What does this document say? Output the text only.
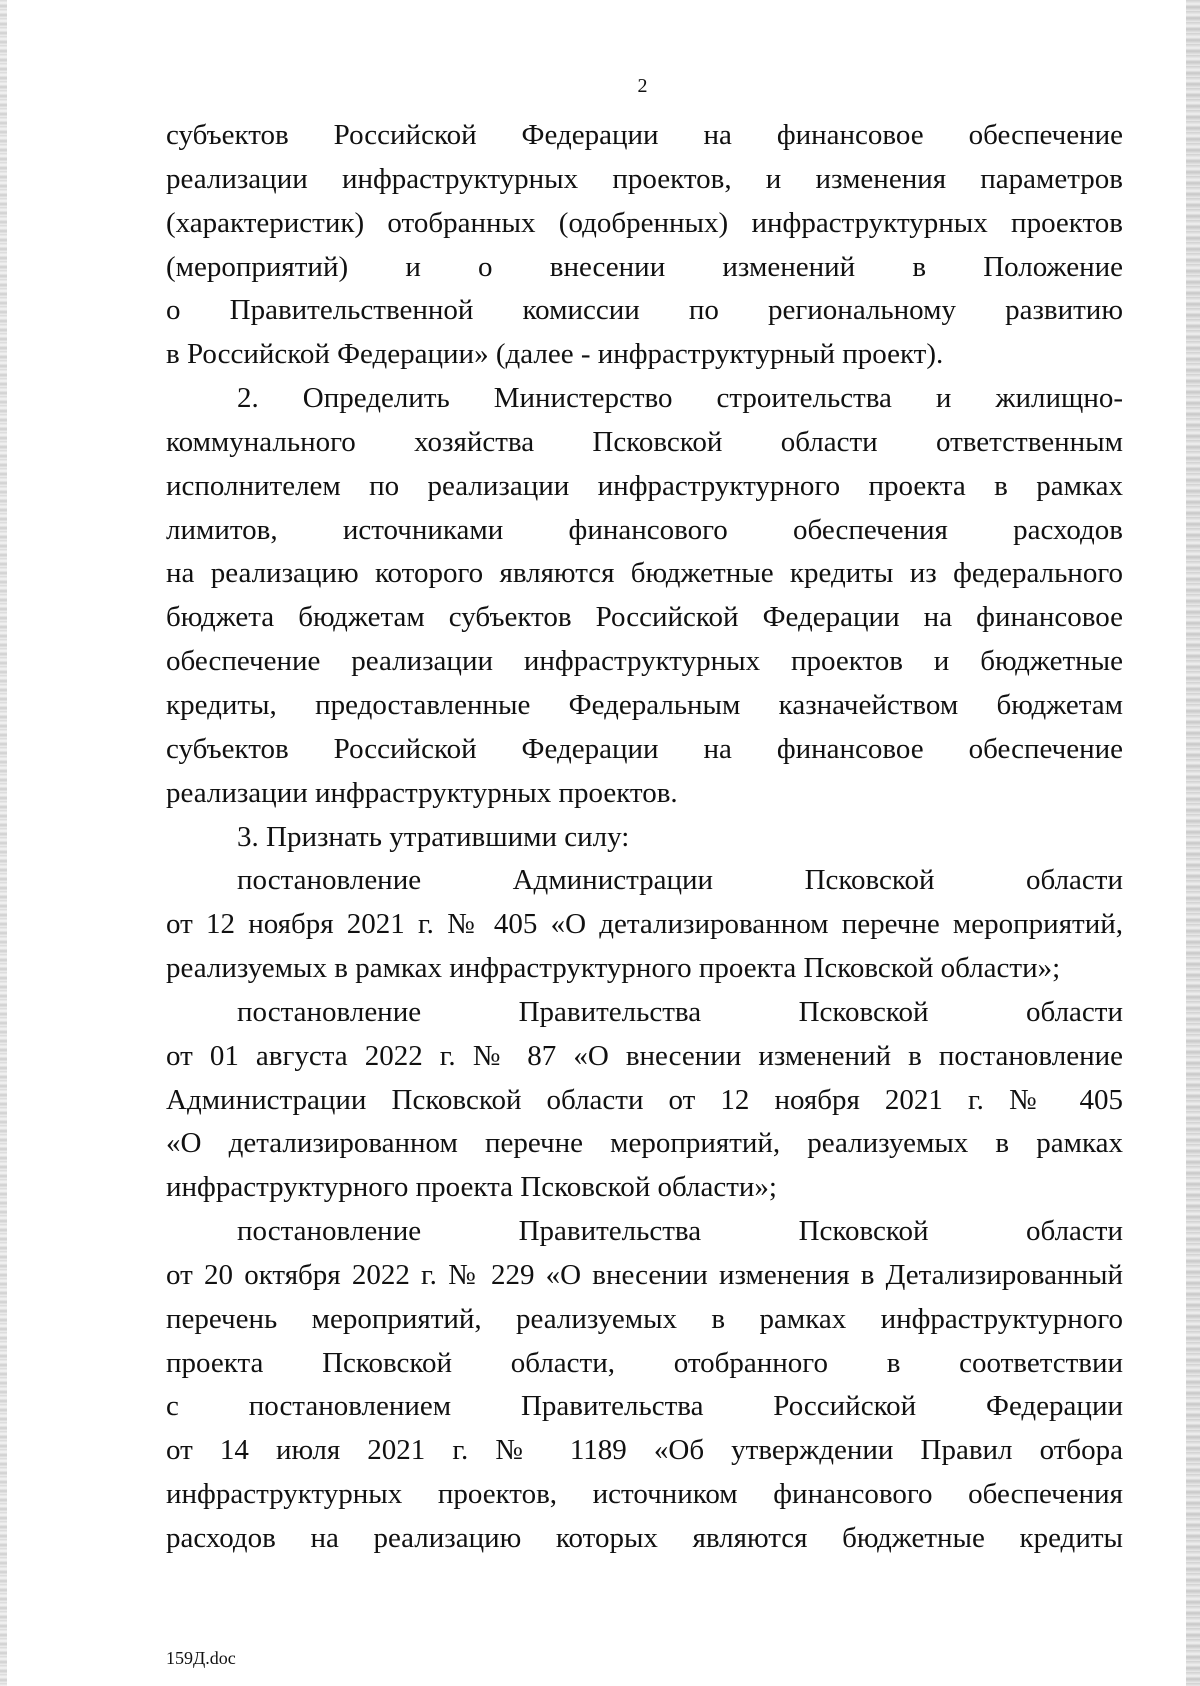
2
субъектов Российской Федерации на финансовое обеспечение
реализации инфраструктурных проектов, и изменения параметров
(характеристик) отобранных (одобренных) инфраструктурных проектов
(мероприятий) и о внесении изменений в Положение
о Правительственной комиссии по региональному развитию
в Российской Федерации» (далее - инфраструктурный проект).
2. Определить Министерство строительства и жилищно-
коммунального хозяйства Псковской области ответственным
исполнителем по реализации инфраструктурного проекта в рамках
лимитов, источниками финансового обеспечения расходов
на реализацию которого являются бюджетные кредиты из федерального
бюджета бюджетам субъектов Российской Федерации на финансовое
обеспечение реализации инфраструктурных проектов и бюджетные
кредиты, предоставленные Федеральным казначейством бюджетам
субъектов Российской Федерации на финансовое обеспечение
реализации инфраструктурных проектов.
3. Признать утратившими силу:
постановление Администрации Псковской области
от 12 ноября 2021 г. № 405 «О детализированном перечне мероприятий,
реализуемых в рамках инфраструктурного проекта Псковской области»;
постановление Правительства Псковской области
от 01 августа 2022 г. № 87 «О внесении изменений в постановление
Администрации Псковской области от 12 ноября 2021 г. № 405
«О детализированном перечне мероприятий, реализуемых в рамках
инфраструктурного проекта Псковской области»;
постановление Правительства Псковской области
от 20 октября 2022 г. № 229 «О внесении изменения в Детализированный
перечень мероприятий, реализуемых в рамках инфраструктурного
проекта Псковской области, отобранного в соответствии
с постановлением Правительства Российской Федерации
от 14 июля 2021 г. № 1189 «Об утверждении Правил отбора
инфраструктурных проектов, источником финансового обеспечения
расходов на реализацию которых являются бюджетные кредиты
159Д.doc
